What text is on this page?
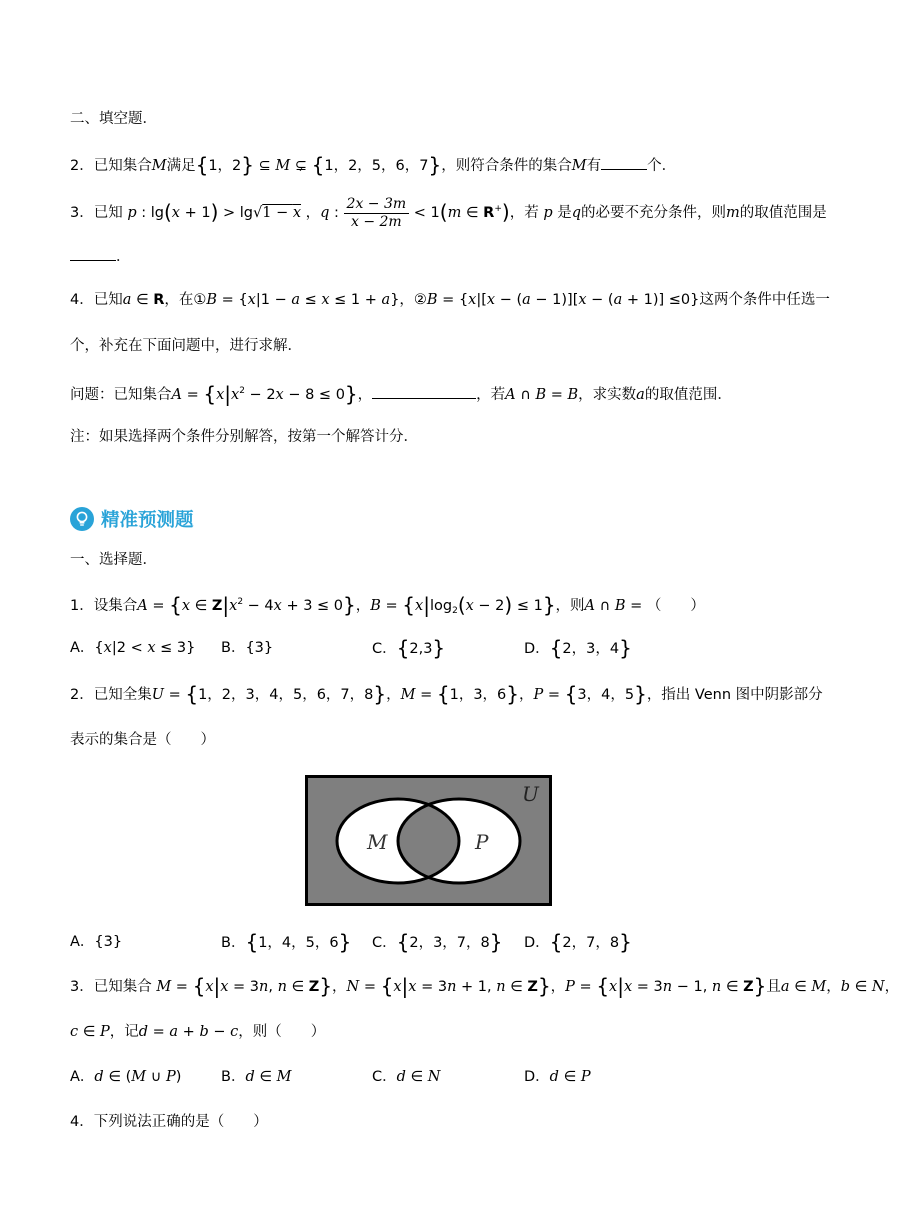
二、填空题．
2．已知集合M满足{1，2} ⊆ M ⊊ {1，2，5，6，7}，则符合条件的集合M有	个．
3．已知 p : lg(x + 1) > lg√1 − x ，q : $\frac{2x - 3m}{x - 2m} < 1(m$ ∈ R+)，若 p 是q的必要不充分条件，则m的取值范围是
．
4．已知a ∈ R，在①B = {x|1 − a ≤ x ≤ 1 + a}，②B = {x|[x − (a − 1)][x − (a + 1)] ≤0}这两个条件中任选一
个，补充在下面问题中，进行求解．
问题：已知集合$A = \{x|x^2 - 2x - 8 \le 0\}$，	，若A ∩ B = B，求实数a的取值范围．
注：如果选择两个条件分别解答，按第一个解答计分．
精准预测题
一、选择题．
1．设集合A = {x ∈ $Z|x^2 - 4x + 3 \le 0$}，$B = \{x|\log_2(x - 2) \le 1\}$，则A ∩ B = （　　）
A．{x|2 < x ≤ 3} B．{3}	C．{2,3}	D．{2，3，4}
2．已知全集U = {1，2，3，4，5，6，7，8}，M = {1，3，6}，P = {3，4，5}，指出 Venn 图中阴影部分
表示的集合是（　　）
U
M	P
A．{3}	B．{1，4，5，6} C．{2，3，7，8} D．{2，7，8}
3．已知集合 M = {x|x = 3n, n ∈ Z}，N = {x|x = 3n + 1, n ∈ Z}，P = {x|x = 3n − 1, n ∈ Z}且a ∈ M，b ∈ N，
c ∈ P，记d = a + b − c，则（　　）
A．d ∈ (M ∪ P)	B．d ∈ M	C．d ∈ N	D．d ∈ P
4．下列说法正确的是（　　）
